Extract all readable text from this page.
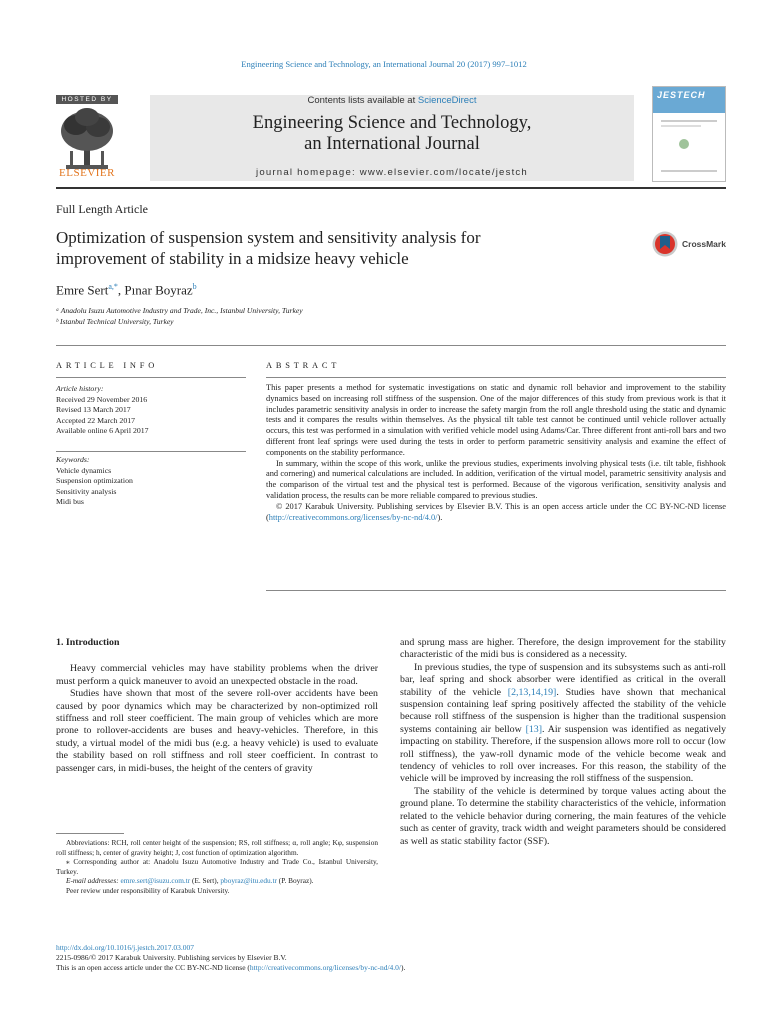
Engineering Science and Technology, an International Journal 20 (2017) 997–1012
HOSTED BY
ELSEVIER
Contents lists available at ScienceDirect
Engineering Science and Technology,
an International Journal
journal homepage: www.elsevier.com/locate/jestch
JESTECH
Full Length Article
Optimization of suspension system and sensitivity analysis for
improvement of stability in a midsize heavy vehicle
CrossMark
Emre Sert$^{a,*}$, Pınar Boyraz$^b$
ᵃ Anadolu Isuzu Automotive Industry and Trade, Inc., Istanbul University, Turkey
ᵇ Istanbul Technical University, Turkey
ARTICLE INFO
Article history:
Received 29 November 2016
Revised 13 March 2017
Accepted 22 March 2017
Available online 6 April 2017
Keywords:
Vehicle dynamics
Suspension optimization
Sensitivity analysis
Midi bus
ABSTRACT

This paper presents a method for systematic investigations on static and dynamic roll behavior and improvement to the stability dynamics based on increasing roll stiffness of the suspension. One of the major differences of this study from previous work is that it includes parametric sensitivity analysis in order to increase the safety margin from the roll angle threshold using the static and dynamic tests and it compares the results within themselves. As the physical tilt table test cannot be continued until vehicle rollover actually occurs, this test was performed in a simulation with verified vehicle model using Adams/Car. Three different front anti-roll bars and two different front leaf springs were used during the tests in order to perform parametric sensitivity analysis and examine the effect of components on the stability performance.

In summary, within the scope of this work, unlike the previous studies, experiments involving physical tests (i.e. tilt table, fishhook and cornering) and numerical calculations are included. In addition, verification of the virtual model, parametric sensitivity analysis and the comparison of the virtual test and the physical test is performed. Because of the vigorous verification, sensitivity analysis and validation process, the results can be more reliable compared to previous studies.

© 2017 Karabuk University. Publishing services by Elsevier B.V. This is an open access article under the CC BY-NC-ND license (http://creativecommons.org/licenses/by-nc-nd/4.0/).

1. Introduction

Heavy commercial vehicles may have stability problems when the driver must perform a quick maneuver to avoid an unexpected obstacle in the road.

Studies have shown that most of the severe roll-over accidents have been caused by poor dynamics which may be characterized by non-optimized roll stiffness and roll steer coefficient. The main group of vehicles which are more prone to rollover-accidents are buses and heavy-vehicles. Therefore, in this study, a virtual model of the midi bus (e.g. a heavy vehicle) is used to evaluate the stability based on roll stiffness and roll steer coefficient. In contrast to passenger cars, in midi-buses, the height of the centers of gravity

Abbreviations: RCH, roll center height of the suspension; RS, roll stiffness; α, roll angle; Kφ, suspension roll stiffness; h, center of gravity height; J, cost function of optimization algorithm.

⁎ Corresponding author at: Anadolu Isuzu Automotive Industry and Trade Co., Istanbul University, Turkey.

E-mail addresses: emre.sert@isuzu.com.tr (E. Sert), pboyraz@itu.edu.tr (P. Boyraz).

Peer review under responsibility of Karabuk University.

and sprung mass are higher. Therefore, the design improvement for the stability characteristic of the midi bus is considered as a necessity.

In previous studies, the type of suspension and its subsystems such as anti-roll bar, leaf spring and shock absorber were identified as critical in the overall stability of the vehicle [2,13,14,19]. Studies have shown that mechanical suspension containing leaf spring positively affected the stability of the vehicle because roll stiffness of the suspension is higher than the traditional suspension systems containing air bellow [13]. Air suspension was identified as negatively impacting on stability. Therefore, if the suspension allows more roll to occur (low roll stiffness), the yaw-roll dynamic mode of the vehicle become weak and tendency of vehicles to roll over increases. For this reason, the stability of the vehicle will be improved by increasing the roll stiffness of the suspension.

The stability of the vehicle is determined by torque values acting about the ground plane. To determine the stability characteristics of the vehicle, information related to the vehicle behavior during cornering, the main features of the vehicle such as center of gravity, track width and weight parameters should be considered as well as static stability factor (SSF).

http://dx.doi.org/10.1016/j.jestch.2017.03.007
2215-0986/© 2017 Karabuk University. Publishing services by Elsevier B.V.
This is an open access article under the CC BY-NC-ND license (http://creativecommons.org/licenses/by-nc-nd/4.0/).
